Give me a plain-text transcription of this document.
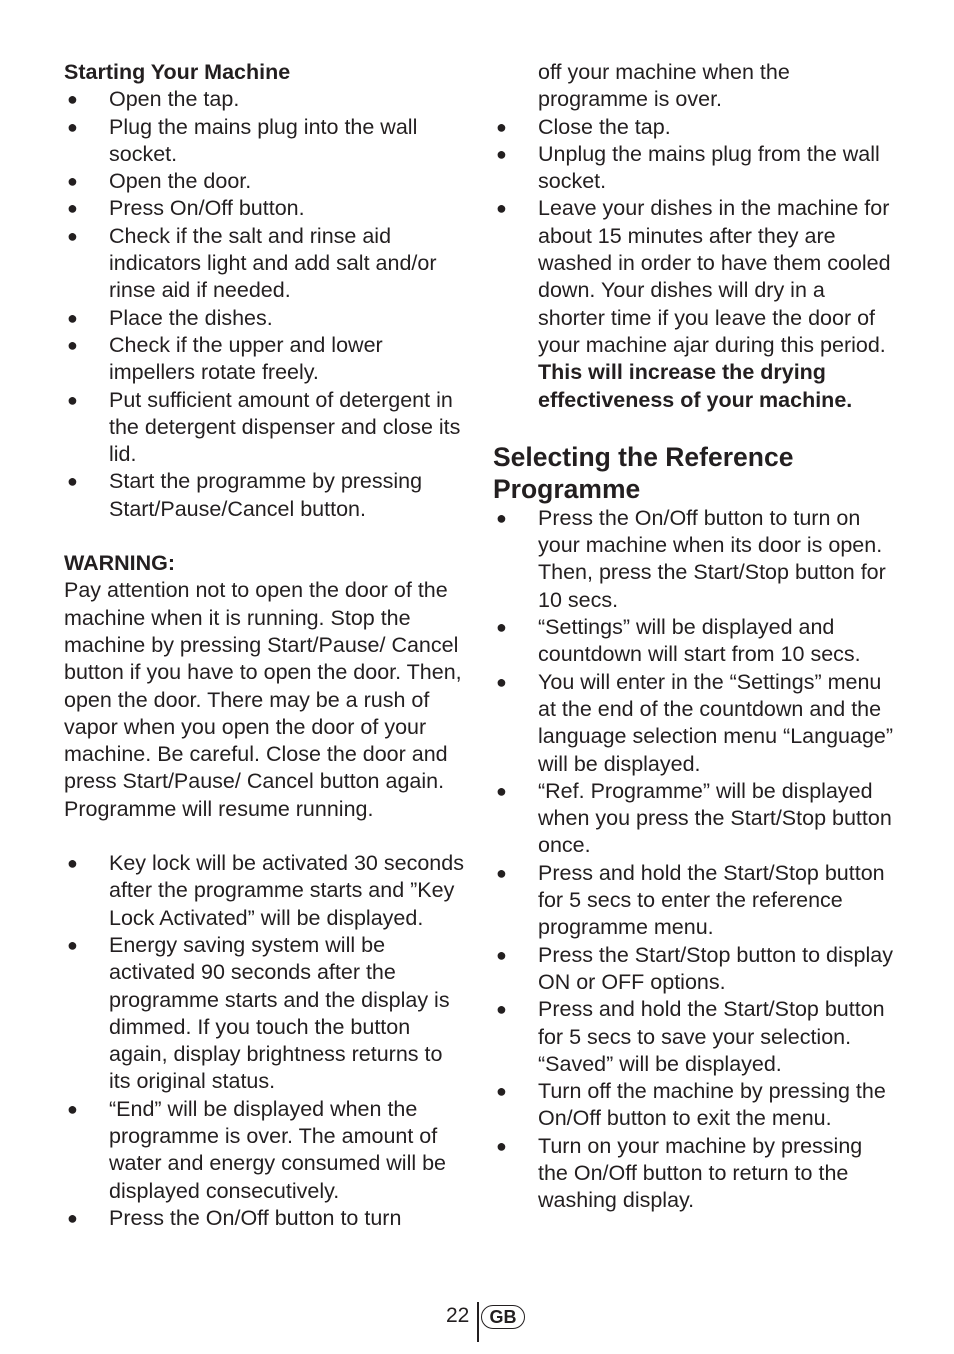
Starting Your Machine

● Open the tap.
● Plug the mains plug into the wall socket.
● Open the door.
● Press On/Off button.
● Check if the salt and rinse aid indicators light and add salt and/or rinse aid if needed.
● Place the dishes.
● Check if the upper and lower impellers rotate freely.
● Put sufficient amount of detergent in the detergent dispenser and close its lid.
● Start the programme by pressing Start/Pause/Cancel button.

WARNING:

Pay attention not to open the door of the machine when it is running. Stop the machine by pressing Start/Pause/ Cancel button if you have to open the door. Then, open the door. There may be a rush of vapor when you open the door of your machine. Be careful. Close the door and press Start/Pause/ Cancel button again. Programme will resume running.

● Key lock will be activated 30 seconds after the programme starts and ”Key Lock Activated” will be displayed.
● Energy saving system will be activated 90 seconds after the programme starts and the display is dimmed. If you touch the button again, display brightness returns to its original status.
● “End” will be displayed when the programme is over. The amount of water and energy consumed will be displayed consecutively.
● Press the On/Off button to turn

off your machine when the programme is over.

● Close the tap.
● Unplug the mains plug from the wall socket.
● Leave your dishes in the machine for about 15 minutes after they are washed in order to have them cooled down. Your dishes will dry in a shorter time if you leave the door of your machine ajar during this period. This will increase the drying effectiveness of your machine.
Selecting the Reference Programme
● Press the On/Off button to turn on your machine when its door is open. Then, press the Start/Stop button for 10 secs.
● “Settings” will be displayed and countdown will start from 10 secs.
● You will enter in the “Settings” menu at the end of the countdown and the language selection menu “Language” will be displayed.
● “Ref. Programme” will be displayed when you press the Start/Stop button once.
● Press and hold the Start/Stop button for 5 secs to enter the reference programme menu.
● Press the Start/Stop button to display ON or OFF options.
● Press and hold the Start/Stop button for 5 secs to save your selection. “Saved” will be displayed.
● Turn off the machine by pressing the On/Off button to exit the menu.
● Turn on your machine by pressing the On/Off button to return to the washing display.
22	GB
